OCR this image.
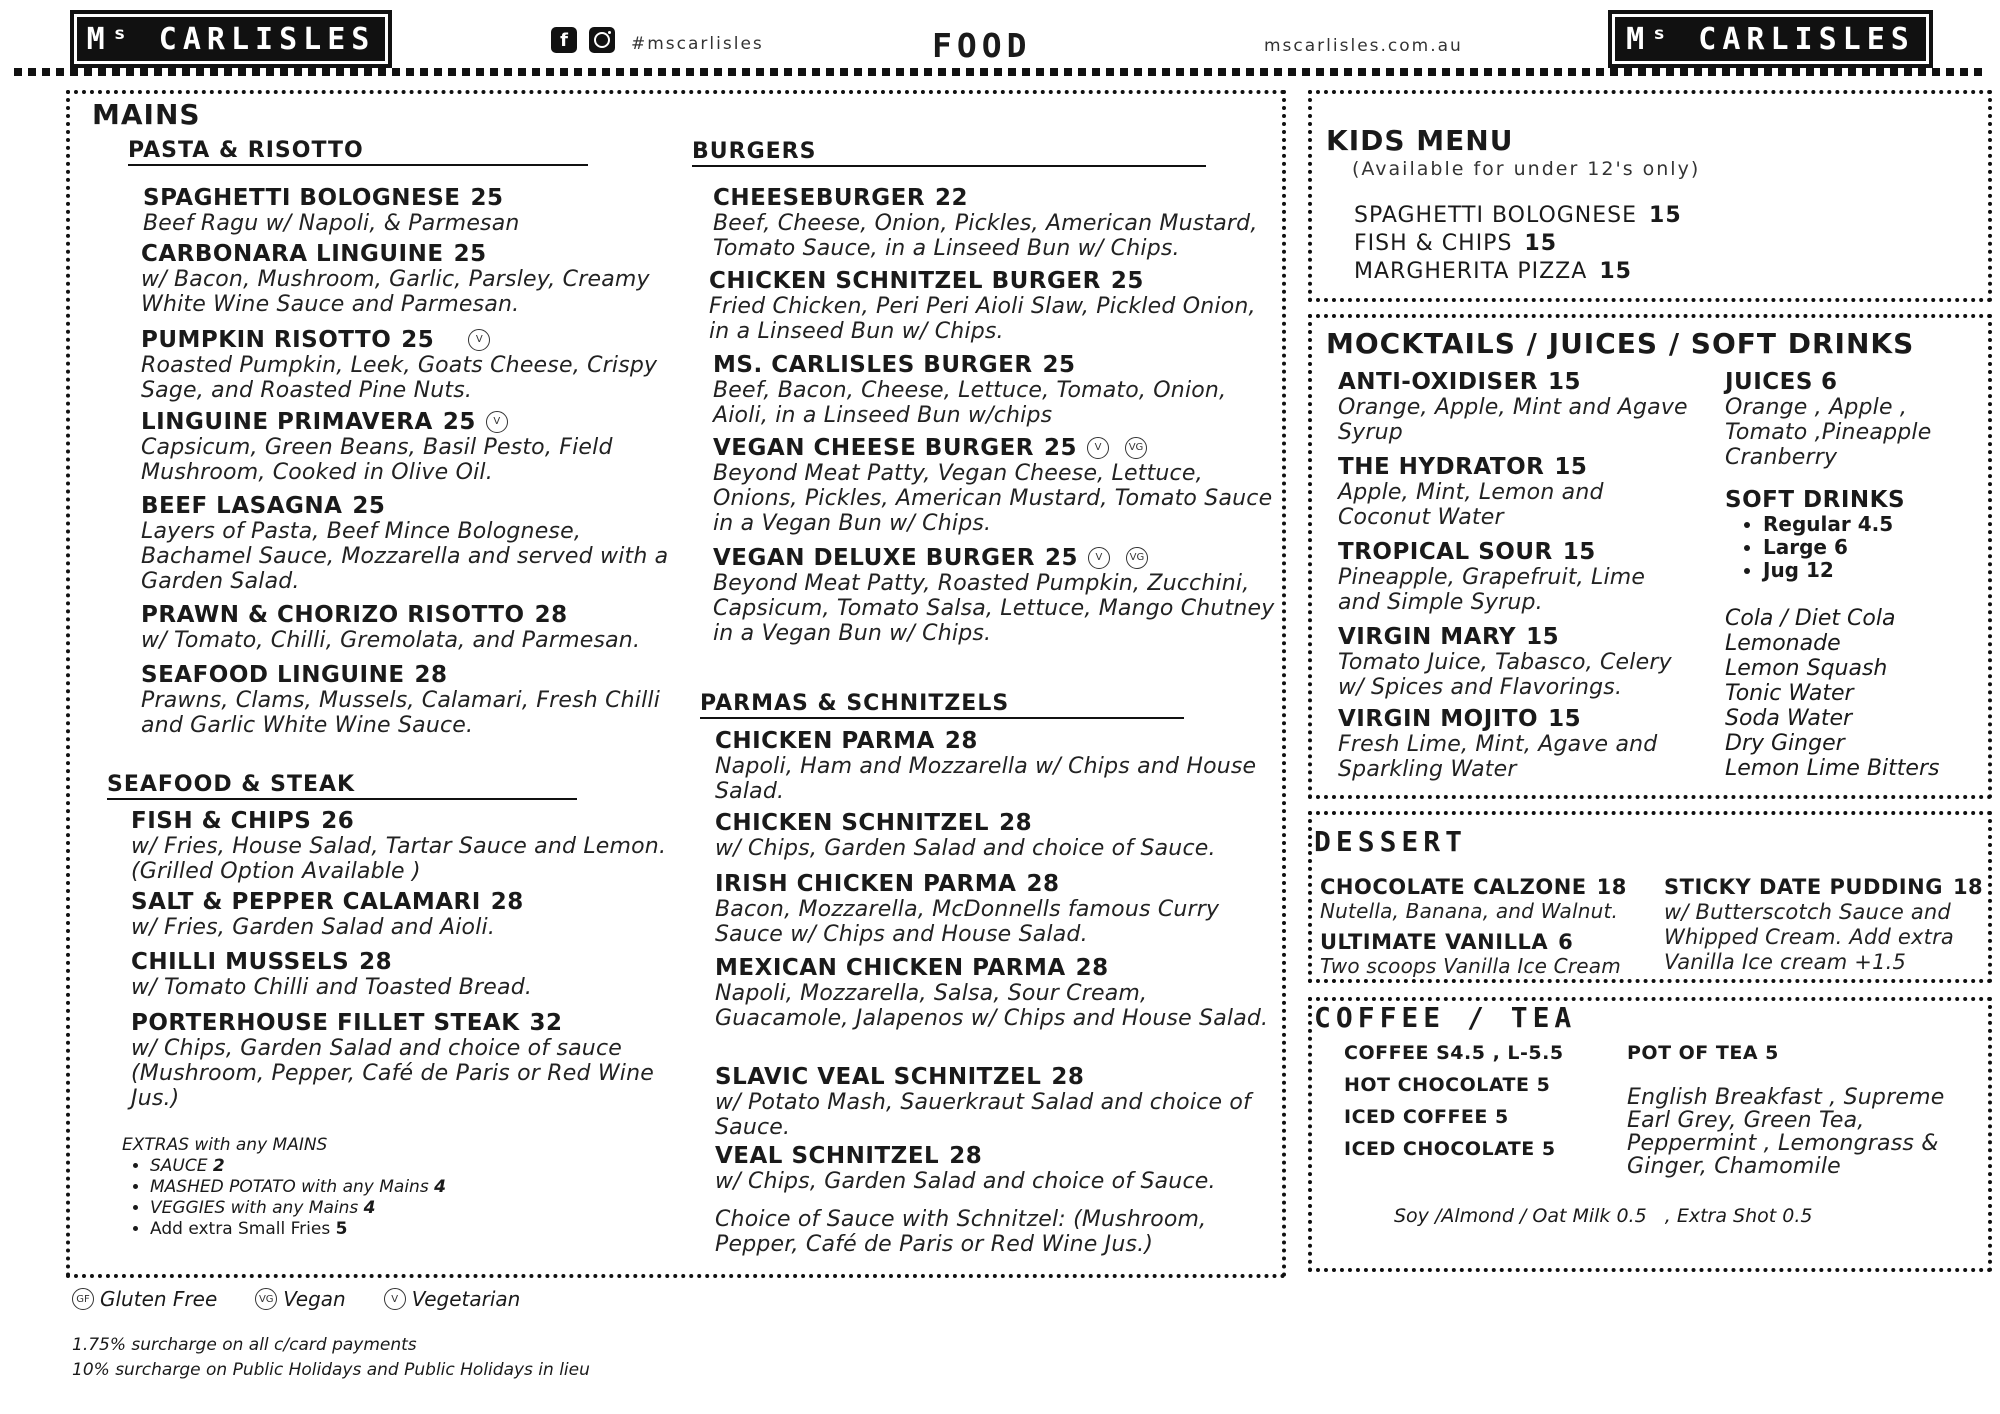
Mˢ CARLISLES	f	#mscarlisles	FOOD	mscarlisles.com.au	Mˢ CARLISLES
MAINS
PASTA & RISOTTO
SPAGHETTI BOLOGNESE 25
Beef Ragu w/ Napoli, & Parmesan
CARBONARA LINGUINE 25
w/ Bacon, Mushroom, Garlic, Parsley, Creamy White Wine Sauce and Parmesan.
PUMPKIN RISOTTO 25	V
Roasted Pumpkin, Leek, Goats Cheese, Crispy Sage, and Roasted Pine Nuts.
LINGUINE PRIMAVERA 25	V
Capsicum, Green Beans, Basil Pesto, Field Mushroom, Cooked in Olive Oil.
BEEF LASAGNA 25
Layers of Pasta, Beef Mince Bolognese, Bachamel Sauce, Mozzarella and served with a Garden Salad.
PRAWN & CHORIZO RISOTTO 28
w/ Tomato, Chilli, Gremolata, and Parmesan.
SEAFOOD LINGUINE 28
Prawns, Clams, Mussels, Calamari, Fresh Chilli and Garlic White Wine Sauce.
SEAFOOD & STEAK
FISH & CHIPS 26
w/ Fries, House Salad, Tartar Sauce and Lemon. (Grilled Option Available )
SALT & PEPPER CALAMARI 28
w/ Fries, Garden Salad and Aioli.
CHILLI MUSSELS 28
w/ Tomato Chilli and Toasted Bread.
PORTERHOUSE FILLET STEAK 32
w/ Chips, Garden Salad and choice of sauce (Mushroom, Pepper, Café de Paris or Red Wine Jus.)
EXTRAS with any MAINS
• SAUCE 2
• MASHED POTATO with any Mains 4
• VEGGIES with any Mains 4
• Add extra Small Fries 5
BURGERS
CHEESEBURGER 22
Beef, Cheese, Onion, Pickles, American Mustard, Tomato Sauce, in a Linseed Bun w/ Chips.
CHICKEN SCHNITZEL BURGER 25
Fried Chicken, Peri Peri Aioli Slaw, Pickled Onion, in a Linseed Bun w/ Chips.
MS. CARLISLES BURGER 25
Beef, Bacon, Cheese, Lettuce, Tomato, Onion, Aioli, in a Linseed Bun w/chips
VEGAN CHEESE BURGER 25	V	VG
Beyond Meat Patty, Vegan Cheese, Lettuce, Onions, Pickles, American Mustard, Tomato Sauce in a Vegan Bun w/ Chips.
VEGAN DELUXE BURGER 25	V	VG
Beyond Meat Patty, Roasted Pumpkin, Zucchini, Capsicum, Tomato Salsa, Lettuce, Mango Chutney in a Vegan Bun w/ Chips.
PARMAS & SCHNITZELS
CHICKEN PARMA 28
Napoli, Ham and Mozzarella w/ Chips and House Salad.
CHICKEN SCHNITZEL 28
w/ Chips, Garden Salad and choice of Sauce.
IRISH CHICKEN PARMA 28
Bacon, Mozzarella, McDonnells famous Curry Sauce w/ Chips and House Salad.
MEXICAN CHICKEN PARMA 28
Napoli, Mozzarella, Salsa, Sour Cream, Guacamole, Jalapenos w/ Chips and House Salad.
SLAVIC VEAL SCHNITZEL 28
w/ Potato Mash, Sauerkraut Salad and choice of Sauce.
VEAL SCHNITZEL 28
w/ Chips, Garden Salad and choice of Sauce.
Choice of Sauce with Schnitzel: (Mushroom, Pepper, Café de Paris or Red Wine Jus.)
GF Gluten Free	VG Vegan	V Vegetarian
1.75% surcharge on all c/card payments
10% surcharge on Public Holidays and Public Holidays in lieu
KIDS MENU
(Available for under 12's only)
SPAGHETTI BOLOGNESE 15
FISH & CHIPS 15
MARGHERITA PIZZA 15
MOCKTAILS / JUICES / SOFT DRINKS
ANTI-OXIDISER 15
Orange, Apple, Mint and Agave Syrup
THE HYDRATOR 15
Apple, Mint, Lemon and Coconut Water
TROPICAL SOUR 15
Pineapple, Grapefruit, Lime and Simple Syrup.
VIRGIN MARY 15
Tomato Juice, Tabasco, Celery w/ Spices and Flavorings.
VIRGIN MOJITO 15
Fresh Lime, Mint, Agave and Sparkling Water
JUICES 6
Orange , Apple , Tomato ,Pineapple Cranberry
SOFT DRINKS
• Regular 4.5
• Large 6
• Jug 12
Cola / Diet Cola
Lemonade
Lemon Squash
Tonic Water
Soda Water
Dry Ginger
Lemon Lime Bitters
DESSERT
CHOCOLATE CALZONE 18
Nutella, Banana, and Walnut.
ULTIMATE VANILLA 6
Two scoops Vanilla Ice Cream
STICKY DATE PUDDING 18
w/ Butterscotch Sauce and Whipped Cream. Add extra Vanilla Ice cream +1.5
COFFEE / TEA
COFFEE S4.5 , L-5.5
HOT CHOCOLATE 5
ICED COFFEE 5
ICED CHOCOLATE 5
POT OF TEA 5
English Breakfast , Supreme Earl Grey, Green Tea, Peppermint , Lemongrass & Ginger, Chamomile
Soy /Almond / Oat Milk 0.5   , Extra Shot 0.5
